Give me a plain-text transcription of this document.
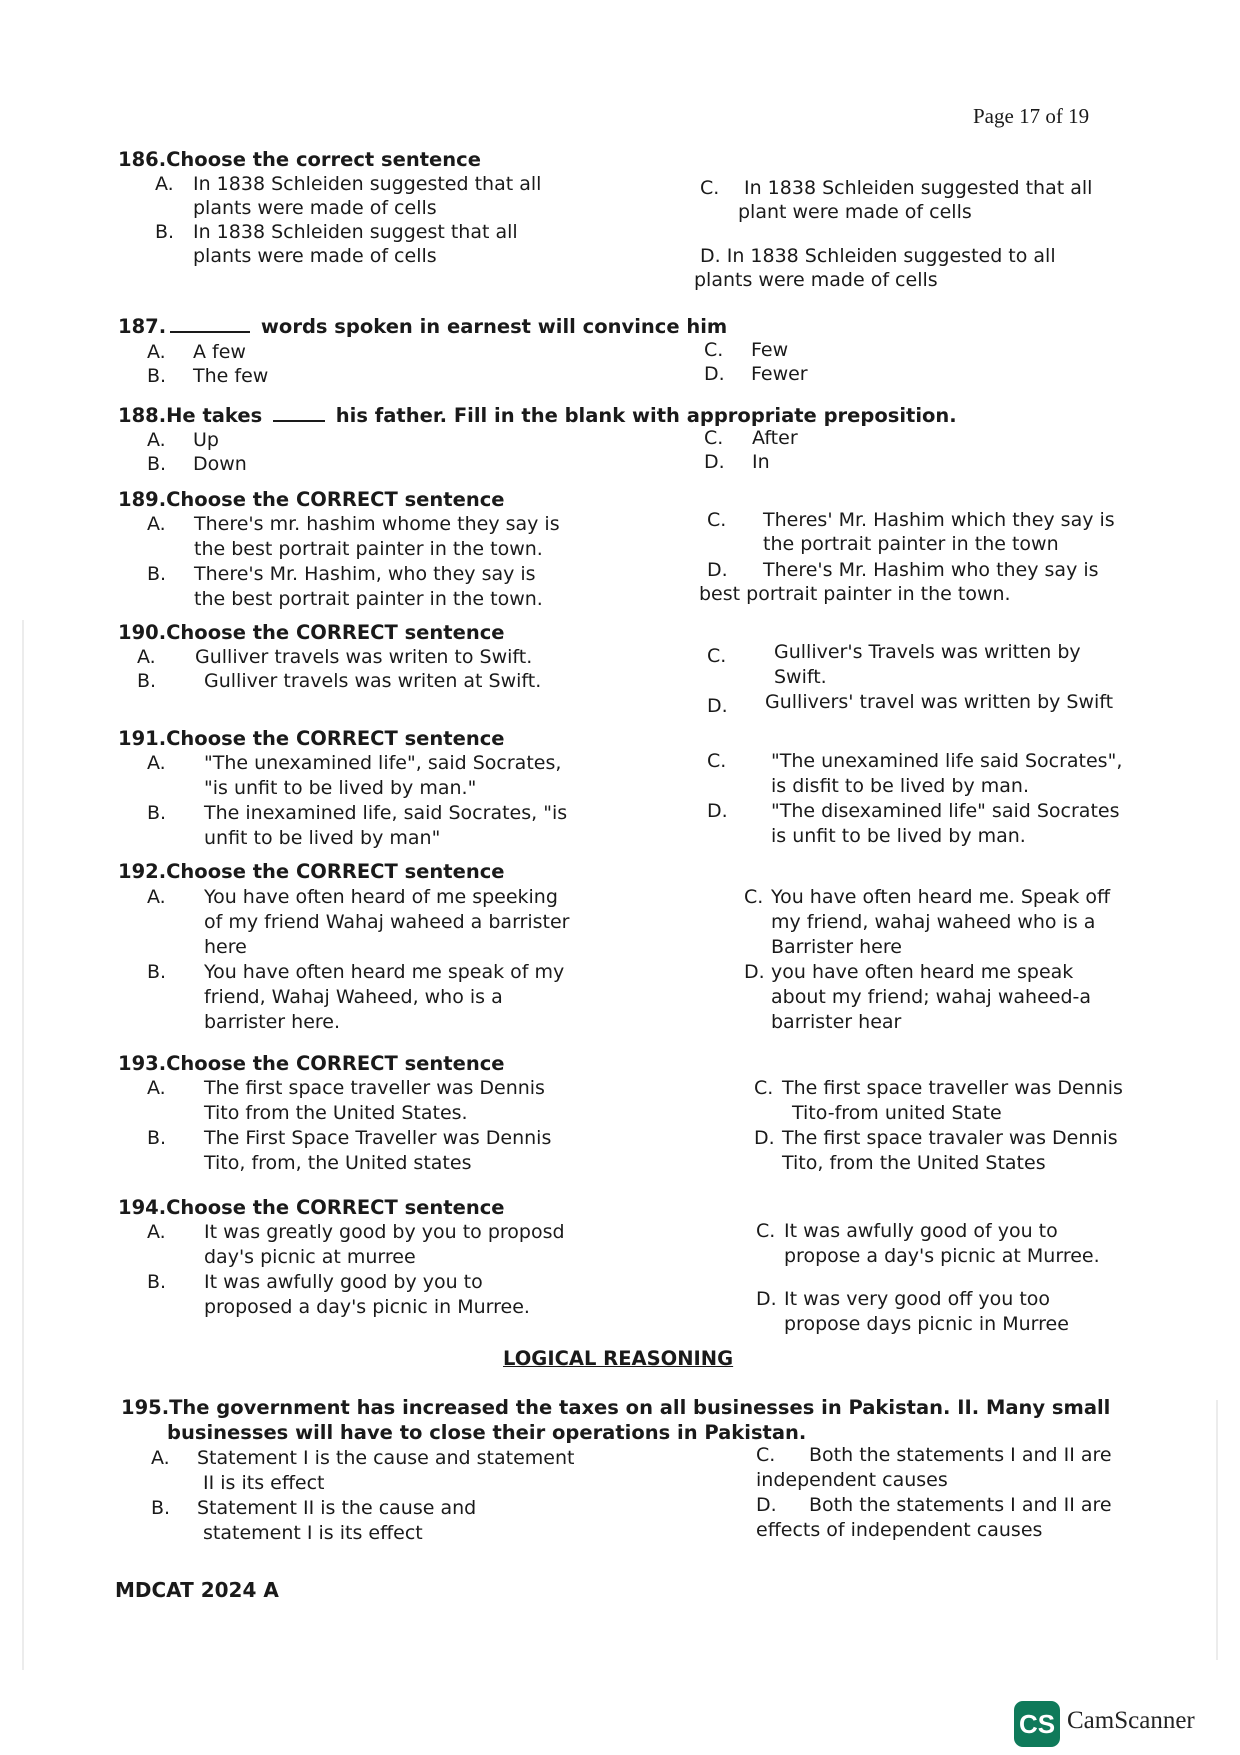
Page 17 of 19
186.Choose the correct sentence
A. In 1838 Schleiden suggested that all
plants were made of cells
B. In 1838 Schleiden suggest that all
plants were made of cells
C. In 1838 Schleiden suggested that all
plant were made of cells
D. In 1838 Schleiden suggested to all
plants were made of cells
187.	words spoken in earnest will convince him
A. A few
B. The few
C. Few
D. Fewer
188.He takes	his father. Fill in the blank with appropriate preposition.
A. Up
B. Down
C. After
D. In
189.Choose the CORRECT sentence
A. There's mr. hashim whome they say is
the best portrait painter in the town.
B. There's Mr. Hashim, who they say is
the best portrait painter in the town.
C. Theres' Mr. Hashim which they say is
the portrait painter in the town
D. There's Mr. Hashim who they say is
best portrait painter in the town.
190.Choose the CORRECT sentence
A. Gulliver travels was writen to Swift.
B.	Gulliver travels was writen at Swift.
C.	Gulliver's Travels was written by
Swift.
D. Gullivers' travel was written by Swift
191.Choose the CORRECT sentence
A. "The unexamined life", said Socrates,
"is unfit to be lived by man."
B. The inexamined life, said Socrates, "is
unfit to be lived by man"
C. "The unexamined life said Socrates",
is disfit to be lived by man.
D. "The disexamined life" said Socrates
is unfit to be lived by man.
192.Choose the CORRECT sentence
A. You have often heard of me speeking
of my friend Wahaj waheed a barrister
here
B. You have often heard me speak of my
friend, Wahaj Waheed, who is a
barrister here.
C. You have often heard me. Speak off
my friend, wahaj waheed who is a
Barrister here
D. you have often heard me speak
about my friend; wahaj waheed-a
barrister hear
193.Choose the CORRECT sentence
A. The first space traveller was Dennis
Tito from the United States.
B. The First Space Traveller was Dennis
Tito, from, the United states
C. The first space traveller was Dennis
Tito-from united State
D. The first space travaler was Dennis
Tito, from the United States
194.Choose the CORRECT sentence
A. It was greatly good by you to proposd
day's picnic at murree
B. It was awfully good by you to
proposed a day's picnic in Murree.
C. It was awfully good of you to
propose a day's picnic at Murree.
D. It was very good off you too
propose days picnic in Murree
LOGICAL REASONING
195.The government has increased the taxes on all businesses in Pakistan. II. Many small
businesses will have to close their operations in Pakistan.
A. Statement I is the cause and statement
II is its effect
B. Statement II is the cause and
statement I is its effect
C. Both the statements I and II are
independent causes
D. Both the statements I and II are
effects of independent causes
MDCAT 2024 A
CS CamScanner
